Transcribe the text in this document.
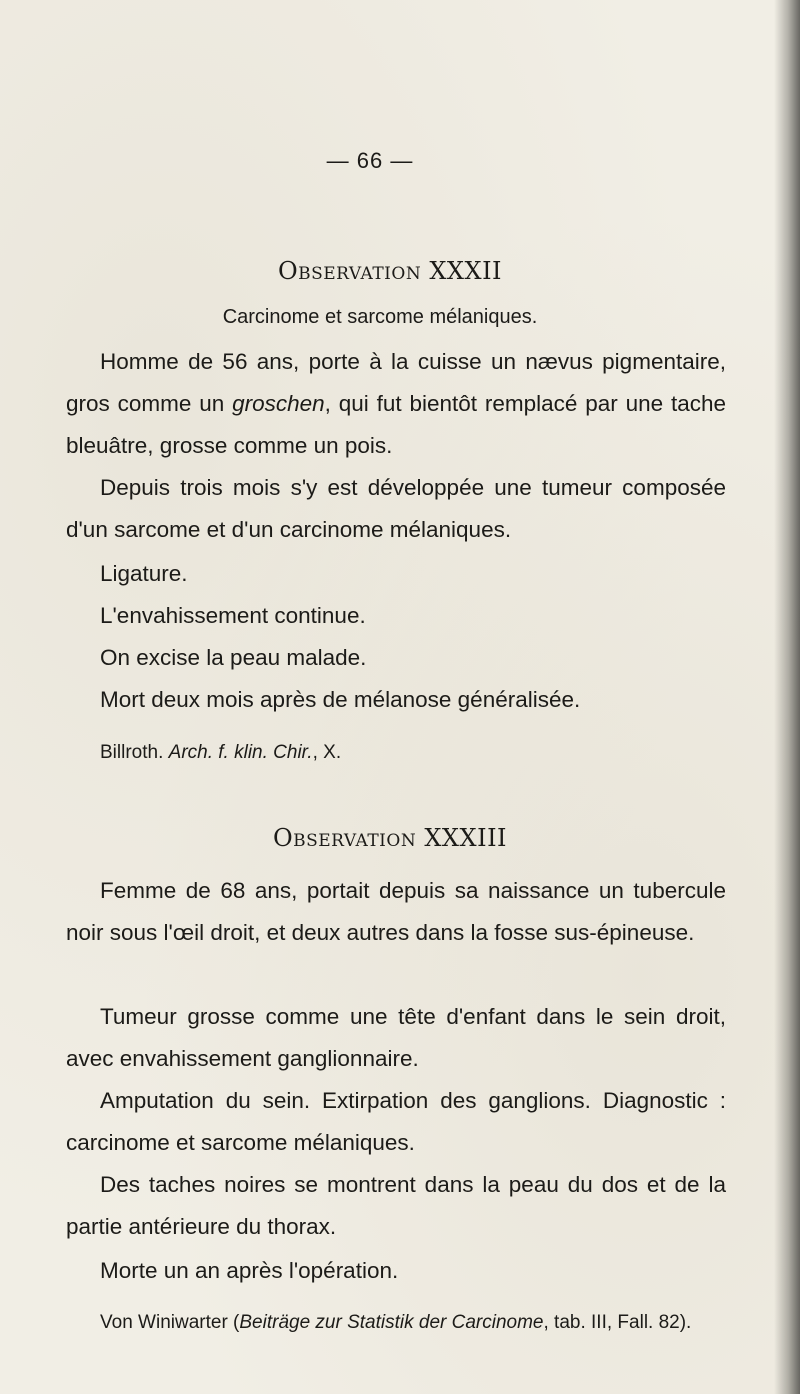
— 66 —
Observation XXXII
Carcinome et sarcome mélaniques.

Homme de 56 ans, porte à la cuisse un nævus pigmentaire, gros comme un groschen, qui fut bientôt remplacé par une tache bleuâtre, grosse comme un pois.

Depuis trois mois s'y est développée une tumeur composée d'un sarcome et d'un carcinome mélaniques.

Ligature.
L'envahissement continue.
On excise la peau malade.
Mort deux mois après de mélanose généralisée.
Billroth. Arch. f. klin. Chir., X.
Observation XXXIII

Femme de 68 ans, portait depuis sa naissance un tubercule noir sous l'œil droit, et deux autres dans la fosse sus-épineuse.

Tumeur grosse comme une tête d'enfant dans le sein droit, avec envahissement ganglionnaire.

Amputation du sein. Extirpation des ganglions. Diagnostic : carcinome et sarcome mélaniques.

Des taches noires se montrent dans la peau du dos et de la partie antérieure du thorax.

Morte un an après l'opération.

Von Winiwarter (Beiträge zur Statistik der Carcinome, tab. III, Fall. 82).
